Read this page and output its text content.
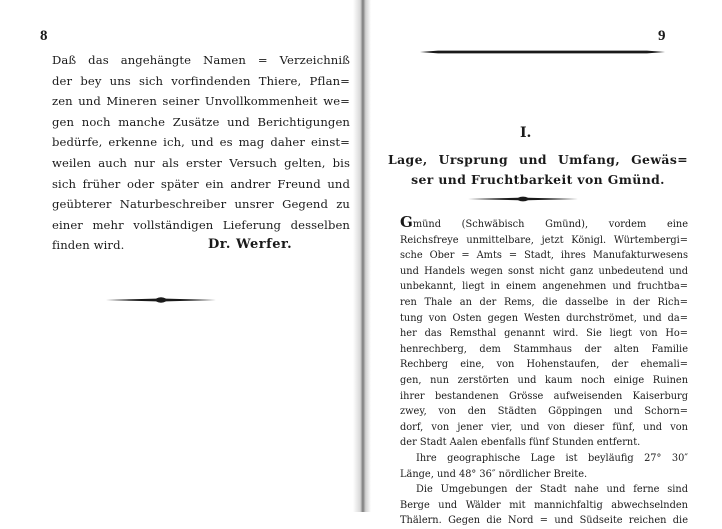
8
Daß das angehängte Namen = Verzeichniß
der bey uns sich vorfindenden Thiere, Pflan=
zen und Mineren seiner Unvollkommenheit we=
gen noch manche Zusätze und Berichtigungen
bedürfe, erkenne ich, und es mag daher einst=
weilen auch nur als erster Versuch gelten, bis
sich früher oder später ein andrer Freund und
geübterer Naturbeschreiber unsrer Gegend zu
einer mehr vollständigen Lieferung desselben
finden wird.	Dr. Werfer.
9
I.
Lage, Ursprung und Umfang, Gewäs=
ser und Fruchtbarkeit von Gmünd.
Gmünd (Schwäbisch Gmünd), vordem eine
Reichsfreye unmittelbare, jetzt Königl. Würtembergi=
sche Ober = Amts = Stadt, ihres Manufakturwesens
und Handels wegen sonst nicht ganz unbedeutend und
unbekannt, liegt in einem angenehmen und fruchtba=
ren Thale an der Rems, die dasselbe in der Rich=
tung von Osten gegen Westen durchströmet, und da=
her das Remsthal genannt wird. Sie liegt von Ho=
henrechberg, dem Stammhaus der alten Familie
Rechberg eine, von Hohenstaufen, der ehemali=
gen, nun zerstörten und kaum noch einige Ruinen
ihrer bestandenen Grösse aufweisenden Kaiserburg
zwey, von den Städten Göppingen und Schorn=
dorf, von jener vier, und von dieser fünf, und von
der Stadt Aalen ebenfalls fünf Stunden entfernt.
Ihre geographische Lage ist beyläufig 27° 30″
Länge, und 48° 36″ nördlicher Breite.
Die Umgebungen der Stadt nahe und ferne sind
Berge und Wälder mit mannichfaltig abwechselnden
Thälern. Gegen die Nord = und Südseite reichen die
